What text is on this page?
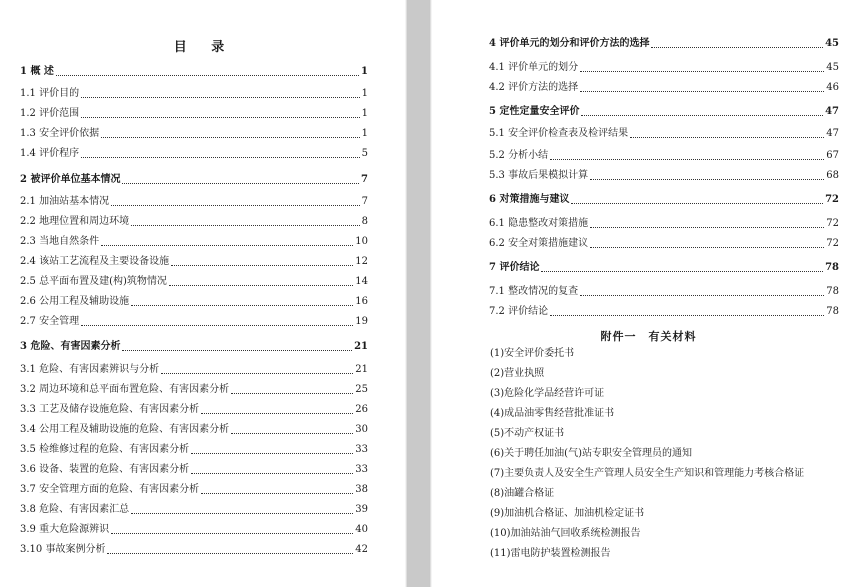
目 录
1 概 述	1
1.1 评价目的	1
1.2 评价范围	1
1.3 安全评价依据	1
1.4 评价程序	5
2 被评价单位基本情况	7
2.1 加油站基本情况	7
2.2 地理位置和周边环境	8
2.3 当地自然条件	10
2.4 该站工艺流程及主要设备设施	12
2.5 总平面布置及建(构)筑物情况	14
2.6 公用工程及辅助设施	16
2.7 安全管理	19
3 危险、有害因素分析	21
3.1 危险、有害因素辨识与分析	21
3.2 周边环境和总平面布置危险、有害因素分析	25
3.3 工艺及储存设施危险、有害因素分析	26
3.4 公用工程及辅助设施的危险、有害因素分析	30
3.5 检维修过程的危险、有害因素分析	33
3.6 设备、装置的危险、有害因素分析	33
3.7 安全管理方面的危险、有害因素分析	38
3.8 危险、有害因素汇总	39
3.9 重大危险源辨识	40
3.10 事故案例分析	42
4 评价单元的划分和评价方法的选择	45
4.1 评价单元的划分	45
4.2 评价方法的选择	46
5 定性定量安全评价	47
5.1 安全评价检查表及检评结果	47
5.2 分析小结	67
5.3 事故后果模拟计算	68
6 对策措施与建议	72
6.1 隐患整改对策措施	72
6.2 安全对策措施建议	72
7 评价结论	78
7.1 整改情况的复查	78
7.2 评价结论	78
附件一　有关材料
(1)安全评价委托书
(2)营业执照
(3)危险化学品经营许可证
(4)成品油零售经营批准证书
(5)不动产权证书
(6)关于聘任加油(气)站专职安全管理员的通知
(7)主要负责人及安全生产管理人员安全生产知识和管理能力考核合格证
(8)油罐合格证
(9)加油机合格证、加油机检定证书
(10)加油站油气回收系统检测报告
(11)雷电防护装置检测报告
